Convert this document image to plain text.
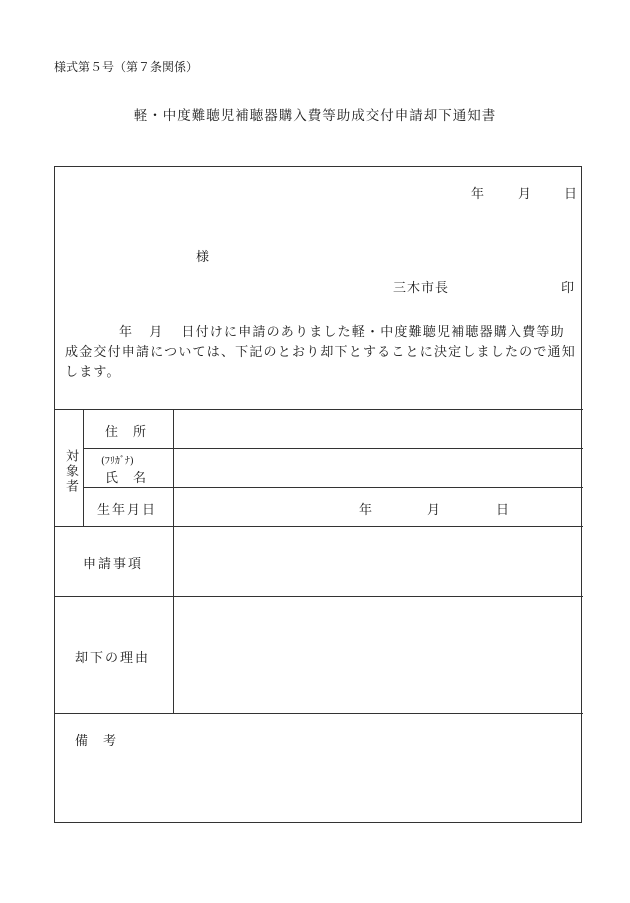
様式第５号（第７条関係）
軽・中度難聴児補聴器購入費等助成交付申請却下通知書
年	月	日
様
三木市長	印
年 月 日付けに申請のありました軽・中度難聴児補聴器購入費等助成金交付申請については、下記のとおり却下とすることに決定しましたので通知します。
対象者
住　所
(ﾌﾘｶﾞﾅ)
氏　名
生年月日	年	月	日
申請事項
却下の理由
備　考
